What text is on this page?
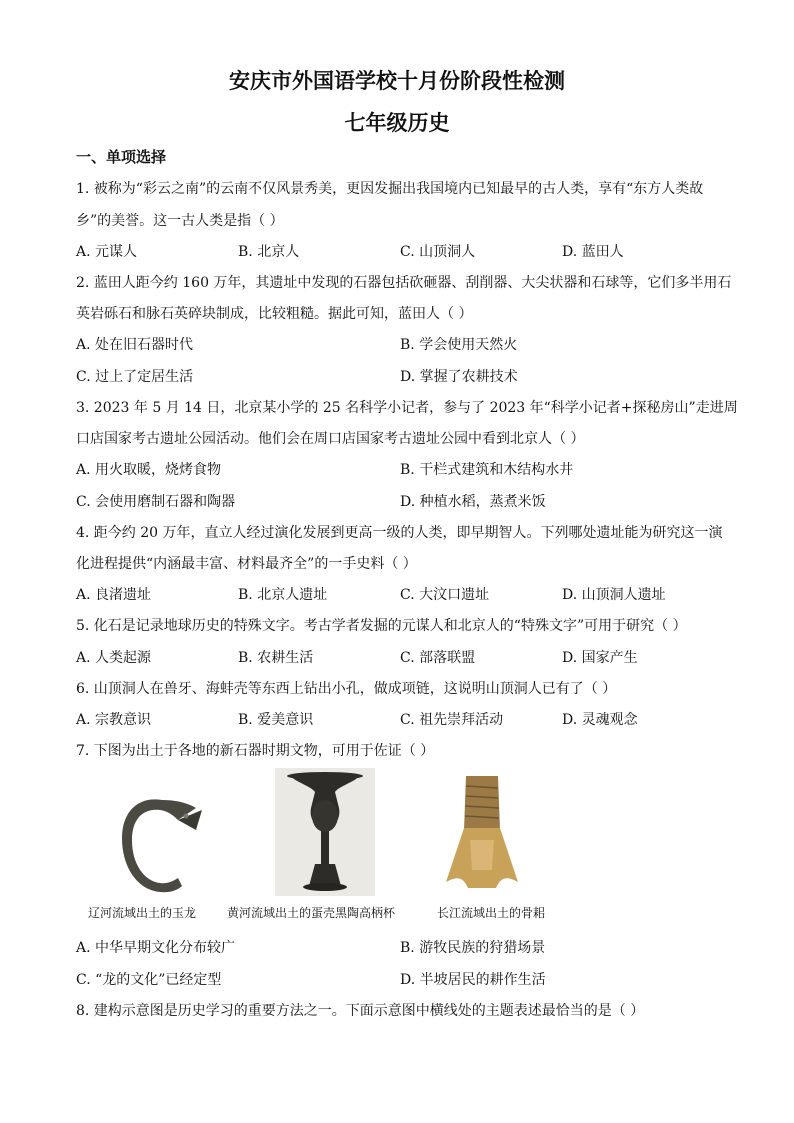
安庆市外国语学校十月份阶段性检测
七年级历史
一、单项选择
1. 被称为“彩云之南”的云南不仅风景秀美，更因发掘出我国境内已知最早的古人类，享有“东方人类故
乡”的美誉。这一古人类是指（ ）
A. 元谋人	B. 北京人	C. 山顶洞人	D. 蓝田人
2. 蓝田人距今约 160 万年，其遗址中发现的石器包括砍砸器、刮削器、大尖状器和石球等，它们多半用石
英岩砾石和脉石英碎块制成，比较粗糙。据此可知，蓝田人（ ）
A. 处在旧石器时代	B. 学会使用天然火
C. 过上了定居生活	D. 掌握了农耕技术
3. 2023 年 5 月 14 日，北京某小学的 25 名科学小记者，参与了 2023 年“科学小记者+探秘房山”走进周
口店国家考古遗址公园活动。他们会在周口店国家考古遗址公园中看到北京人（ ）
A. 用火取暖，烧烤食物	B. 干栏式建筑和木结构水井
C. 会使用磨制石器和陶器	D. 种植水稻，蒸煮米饭
4. 距今约 20 万年，直立人经过演化发展到更高一级的人类，即早期智人。下列哪处遗址能为研究这一演
化进程提供“内涵最丰富、材料最齐全”的一手史料（ ）
A. 良渚遗址	B. 北京人遗址	C. 大汶口遗址	D. 山顶洞人遗址
5. 化石是记录地球历史的特殊文字。考古学者发掘的元谋人和北京人的“特殊文字”可用于研究（ ）
A. 人类起源	B. 农耕生活	C. 部落联盟	D. 国家产生
6. 山顶洞人在兽牙、海蚌壳等东西上钻出小孔，做成项链，这说明山顶洞人已有了（ ）
A. 宗教意识	B. 爱美意识	C. 祖先崇拜活动	D. 灵魂观念
7. 下图为出土于各地的新石器时期文物，可用于佐证（ ）
辽河流域出土的玉龙	黄河流域出土的蛋壳黑陶高柄杯	长江流域出土的骨耜
A. 中华早期文化分布较广	B. 游牧民族的狩猎场景
C. “龙的文化”已经定型	D. 半坡居民的耕作生活
8. 建构示意图是历史学习的重要方法之一。下面示意图中横线处的主题表述最恰当的是（ ）
